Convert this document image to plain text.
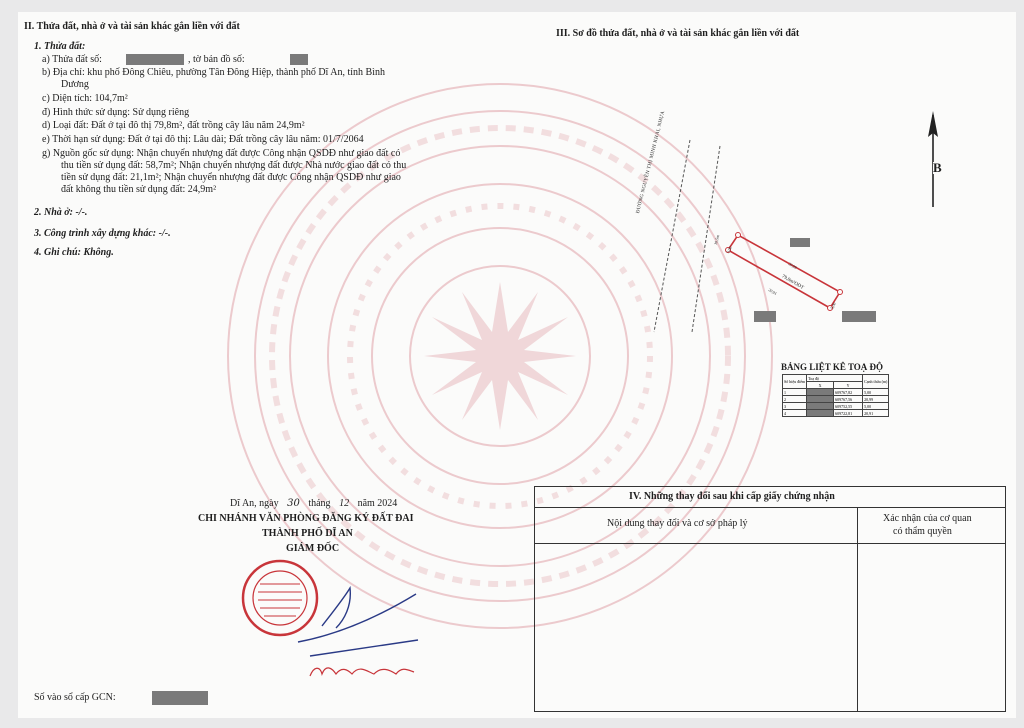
II. Thửa đất, nhà ở và tài sản khác gắn liền với đất
1. Thửa đất:
a) Thửa đất số:	, tờ bản đồ số:
b) Địa chỉ: khu phố Đông Chiêu, phường Tân Đông Hiệp, thành phố Dĩ An, tỉnh Bình
Dương
c) Diện tích: 104,7m²
đ) Hình thức sử dụng: Sử dụng riêng
d) Loại đất: Đất ở tại đô thị 79,8m², đất trồng cây lâu năm 24,9m²
e) Thời hạn sử dụng: Đất ở tại đô thị: Lâu dài; Đất trồng cây lâu năm: 01/7/2064
g) Nguồn gốc sử dụng: Nhận chuyển nhượng đất được Công nhận QSDĐ như giao đất có
thu tiền sử dụng đất: 58,7m²; Nhận chuyển nhượng đất được Nhà nước giao đất có thu
tiền sử dụng đất: 21,1m²; Nhận chuyển nhượng đất được Công nhận QSDĐ như giao
đất không thu tiền sử dụng đất: 24,9m²
2. Nhà ở: -/-.
3. Công trình xây dựng khác: -/-.
4. Ghi chú: Không.
Dĩ An, ngày 30 tháng 12 năm 2024
CHI NHÁNH VĂN PHÒNG ĐĂNG KÝ ĐẤT ĐAI
THÀNH PHỐ DĨ AN
GIÁM ĐỐC
Số vào sổ cấp GCN:
III. Sơ đồ thửa đất, nhà ở và tài sản khác gắn liền với đất
B
ĐƯỜNG NGUYỄN THỊ MINH KHAI, NHỰA
79,8m²ODT
20,99
20,91
5,00
5,00
10,5m
BẢNG LIỆT KÊ TOẠ ĐỘ
Số hiệu điểm	Toạ độ		Cạnh thửa (m)
	X	Y	
1		609767,82	5,00
2		609767,56	20,99
3		609752,55	5,00
4		609722,81	20,91
IV. Những thay đổi sau khi cấp giấy chứng nhận
Nội dung thay đổi và cơ sở pháp lý	Xác nhận của cơ quan
có thẩm quyền
